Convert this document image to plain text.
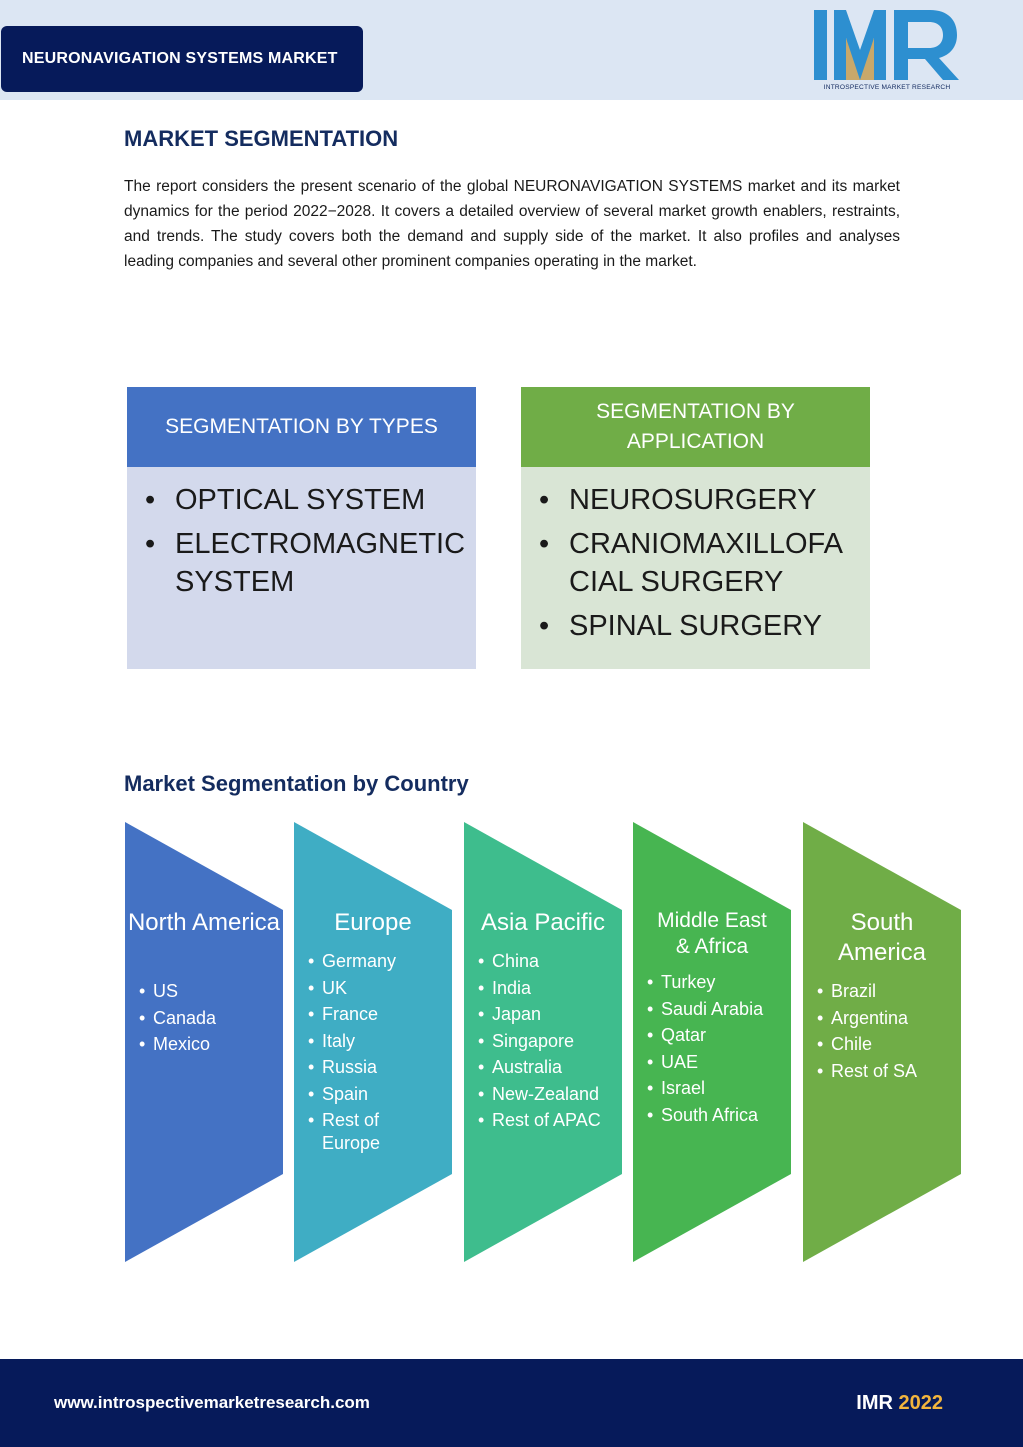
NEURONAVIGATION SYSTEMS MARKET
INTROSPECTIVE MARKET RESEARCH
MARKET SEGMENTATION

The report considers the present scenario of the global NEURONAVIGATION SYSTEMS market and its market dynamics for the period 2022−2028. It covers a detailed overview of several market growth enablers, restraints, and trends. The study covers both the demand and supply side of the market. It also profiles and analyses leading companies and several other prominent companies operating in the market.

SEGMENTATION BY TYPES
• OPTICAL SYSTEM
• ELECTROMAGNETIC SYSTEM
SEGMENTATION BY APPLICATION
• NEUROSURGERY
• CRANIOMAXILLOFACIAL SURGERY
• SPINAL SURGERY
Market Segmentation by Country
North America
• US
• Canada
• Mexico
Europe
• Germany
• UK
• France
• Italy
• Russia
• Spain
• Rest of Europe
Asia Pacific
• China
• India
• Japan
• Singapore
• Australia
• New-Zealand
• Rest of APAC
Middle East & Africa
• Turkey
• Saudi Arabia
• Qatar
• UAE
• Israel
• South Africa
South America
• Brazil
• Argentina
• Chile
• Rest of SA
www.introspectivemarketresearch.com	IMR 2022
